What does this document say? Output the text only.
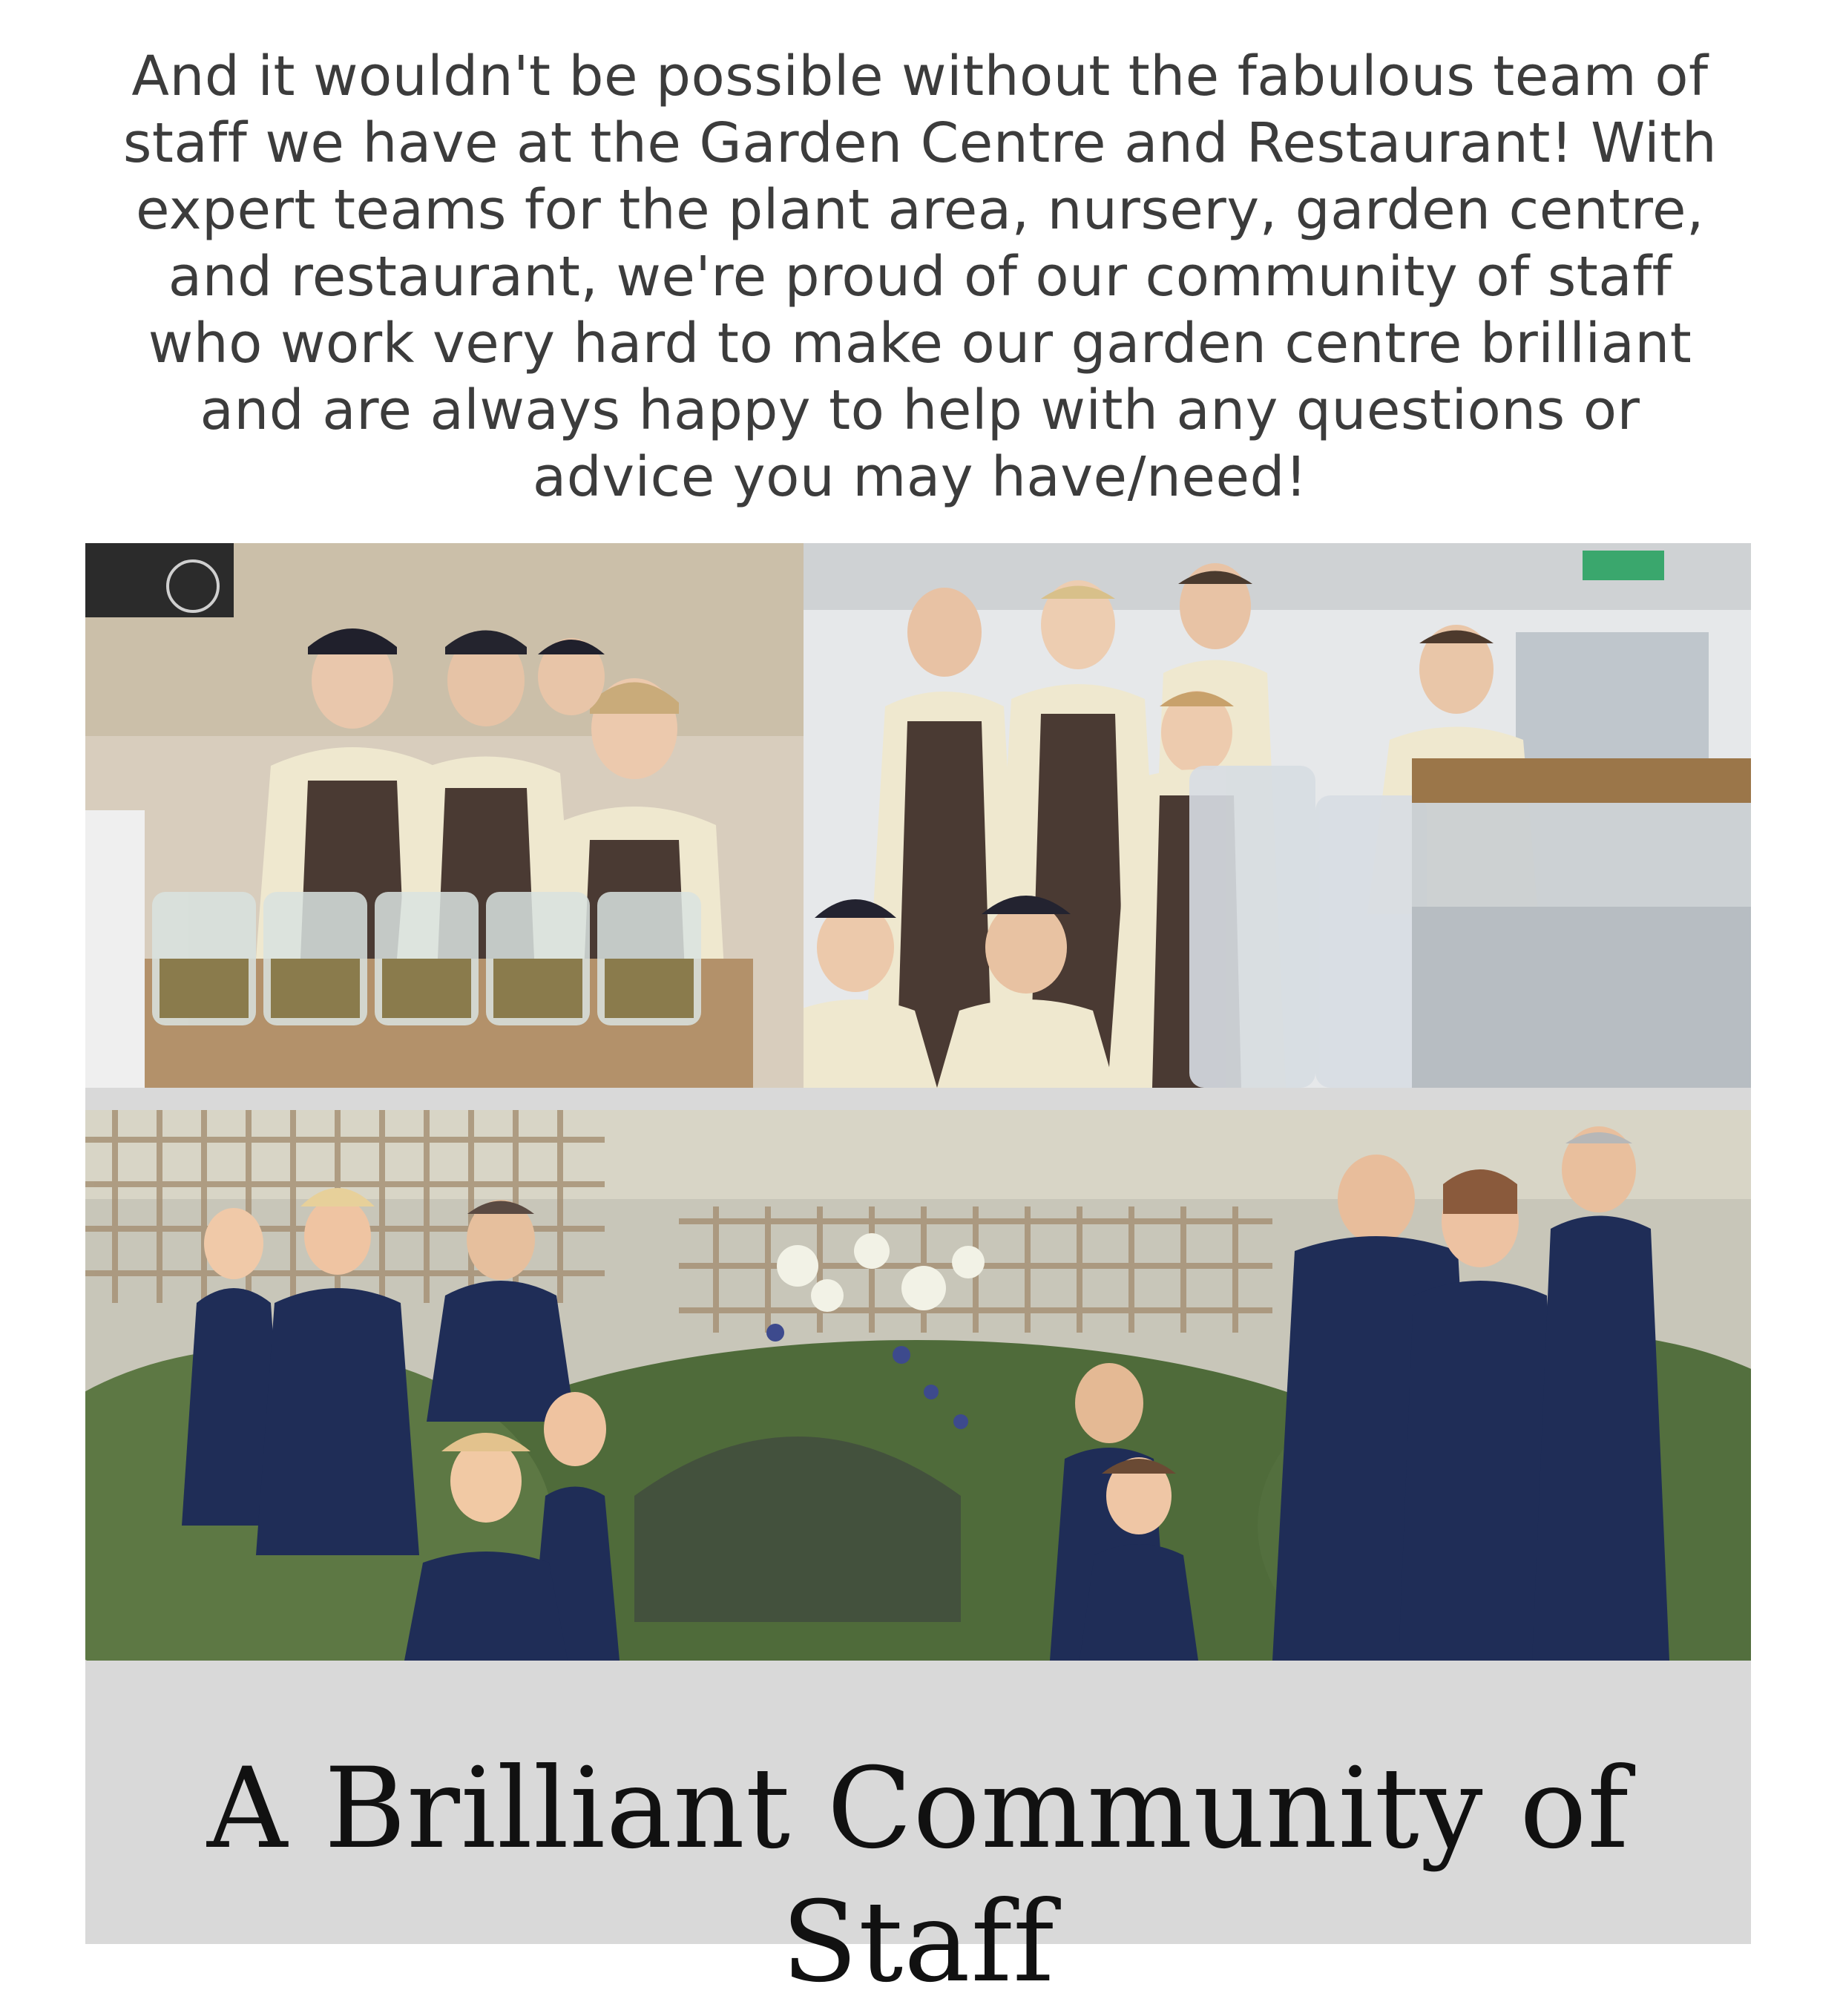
And it wouldn't be possible without the fabulous team of staff we have at the Garden Centre and Restaurant! With expert teams for the plant area, nursery, garden centre, and restaurant, we're proud of our community of staff who work very hard to make our garden centre brilliant and are always happy to help with any questions or advice you may have/need!
A Brilliant Community of Staff
